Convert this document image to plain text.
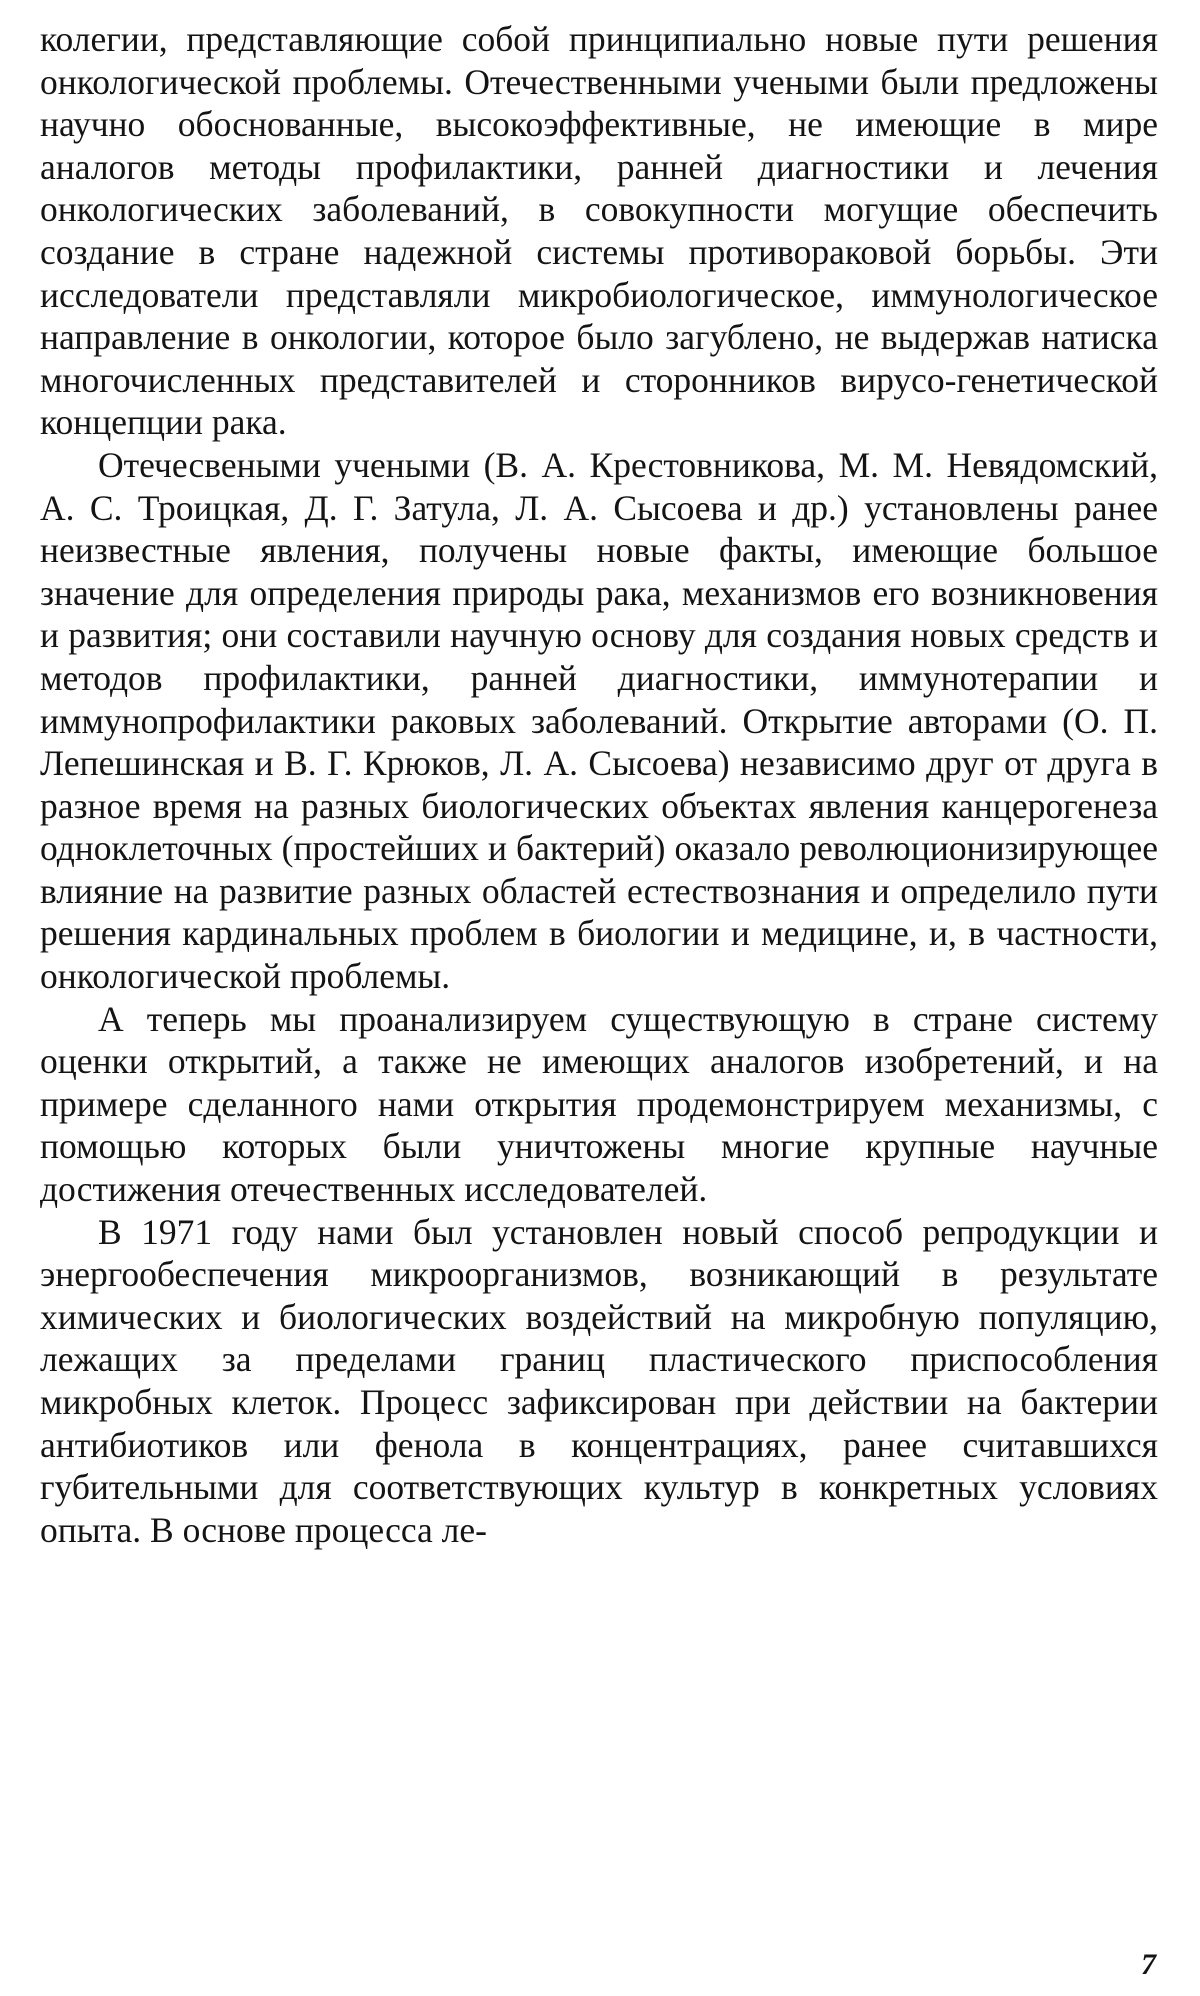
колегии, представляющие собой принципиально новые пути решения онкологической проблемы. Отечественными учеными были предложены научно обоснованные, высокоэффективные, не имеющие в мире аналогов методы профилактики, ранней диагностики и лечения онкологических заболеваний, в совокупности могущие обеспечить создание в стране надежной системы противораковой борьбы. Эти исследователи представляли микробиологическое, иммунологическое направление в онкологии, которое было загублено, не выдержав натиска многочисленных представителей и сторонников вирусо-генетической концепции рака.

Отечесвеными учеными (В. А. Крестовникова, М. М. Невядомский, А. С. Троицкая, Д. Г. Затула, Л. А. Сысоева и др.) установлены ранее неизвестные явления, получены новые факты, имеющие большое значение для определения природы рака, механизмов его возникновения и развития; они составили научную основу для создания новых средств и методов профилактики, ранней диагностики, иммунотерапии и иммунопрофилактики раковых заболеваний. Открытие авторами (О. П. Лепешинская и В. Г. Крюков, Л. А. Сысоева) независимо друг от друга в разное время на разных биологических объектах явления канцерогенеза одноклеточных (простейших и бактерий) оказало революционизирующее влияние на развитие разных областей естествознания и определило пути решения кардинальных проблем в биологии и медицине, и, в частности, онкологической проблемы.

А теперь мы проанализируем существующую в стране систему оценки открытий, а также не имеющих аналогов изобретений, и на примере сделанного нами открытия продемонстрируем механизмы, с помощью которых были уничтожены многие крупные научные достижения отечественных исследователей.

В 1971 году нами был установлен новый способ репродукции и энергообеспечения микроорганизмов, возникающий в результате химических и биологических воздействий на микробную популяцию, лежащих за пределами границ пластического приспособления микробных клеток. Процесс зафиксирован при действии на бактерии антибиотиков или фенола в концентрациях, ранее считавшихся губительными для соответствующих культур в конкретных условиях опыта. В основе процесса ле-

7
